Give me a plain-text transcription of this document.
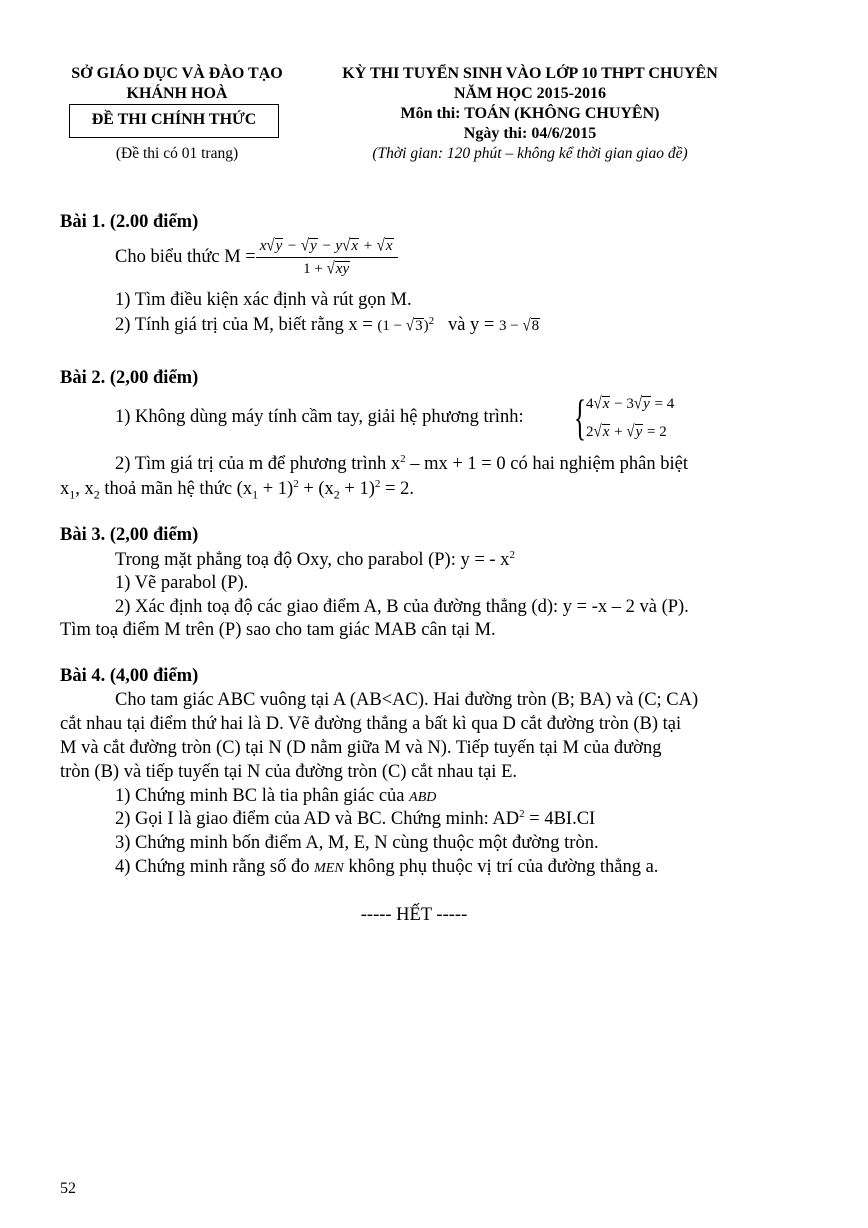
SỞ GIÁO DỤC VÀ ĐÀO TẠO
KHÁNH HOÀ
ĐỀ THI CHÍNH THỨC
(Đề thi có 01 trang)
KỲ THI TUYỂN SINH VÀO LỚP 10 THPT CHUYÊN
NĂM HỌC 2015-2016
Môn thi: TOÁN (KHÔNG CHUYÊN)
Ngày thi: 04/6/2015
(Thời gian: 120 phút – không kể thời gian giao đề)
Bài 1. (2.00 điểm)
Cho biểu thức $M = \frac{x√y - √y - y√x + √x}{1 + √xy}$
1) Tìm điều kiện xác định và rút gọn M.
2) Tính giá trị của M, biết rằng $x = (1 - √3)^2$ và y = 3 − √8
Bài 2. (2,00 điểm)
1) Không dùng máy tính cầm tay, giải hệ phương trình: { 4√x − 3√y = 4
2√x + √y = 2
2) Tìm giá trị của m để phương trình $x^2$ – mx + 1 = 0 có hai nghiệm phân biệt
$x_1$, $x_2$ thoả mãn hệ thức $(x_1 + 1)^2 + (x_2 + 1)^2 = 2$.
Bài 3. (2,00 điểm)
Trong mặt phẳng toạ độ Oxy, cho parabol (P): y = - $x^2$
1) Vẽ parabol (P).
2) Xác định toạ độ các giao điểm A, B của đường thẳng (d): y = -x – 2 và (P).
Tìm toạ điểm M trên (P) sao cho tam giác MAB cân tại M.
Bài 4. (4,00 điểm)
Cho tam giác ABC vuông tại A (AB<AC). Hai đường tròn (B; BA) và (C; CA)
cắt nhau tại điểm thứ hai là D. Vẽ đường thẳng a bất kì qua D cắt đường tròn (B) tại
M và cắt đường tròn (C) tại N (D nằm giữa M và N). Tiếp tuyến tại M của đường
tròn (B) và tiếp tuyến tại N của đường tròn (C) cắt nhau tại E.
1) Chứng minh BC là tia phân giác của ABD
2) Gọi I là giao điểm của AD và BC. Chứng minh: $AD^2 = 4BI.CI$
3) Chứng minh bốn điểm A, M, E, N cùng thuộc một đường tròn.
4) Chứng minh rằng số đo MEN không phụ thuộc vị trí của đường thẳng a.
----- HẾT -----
52
